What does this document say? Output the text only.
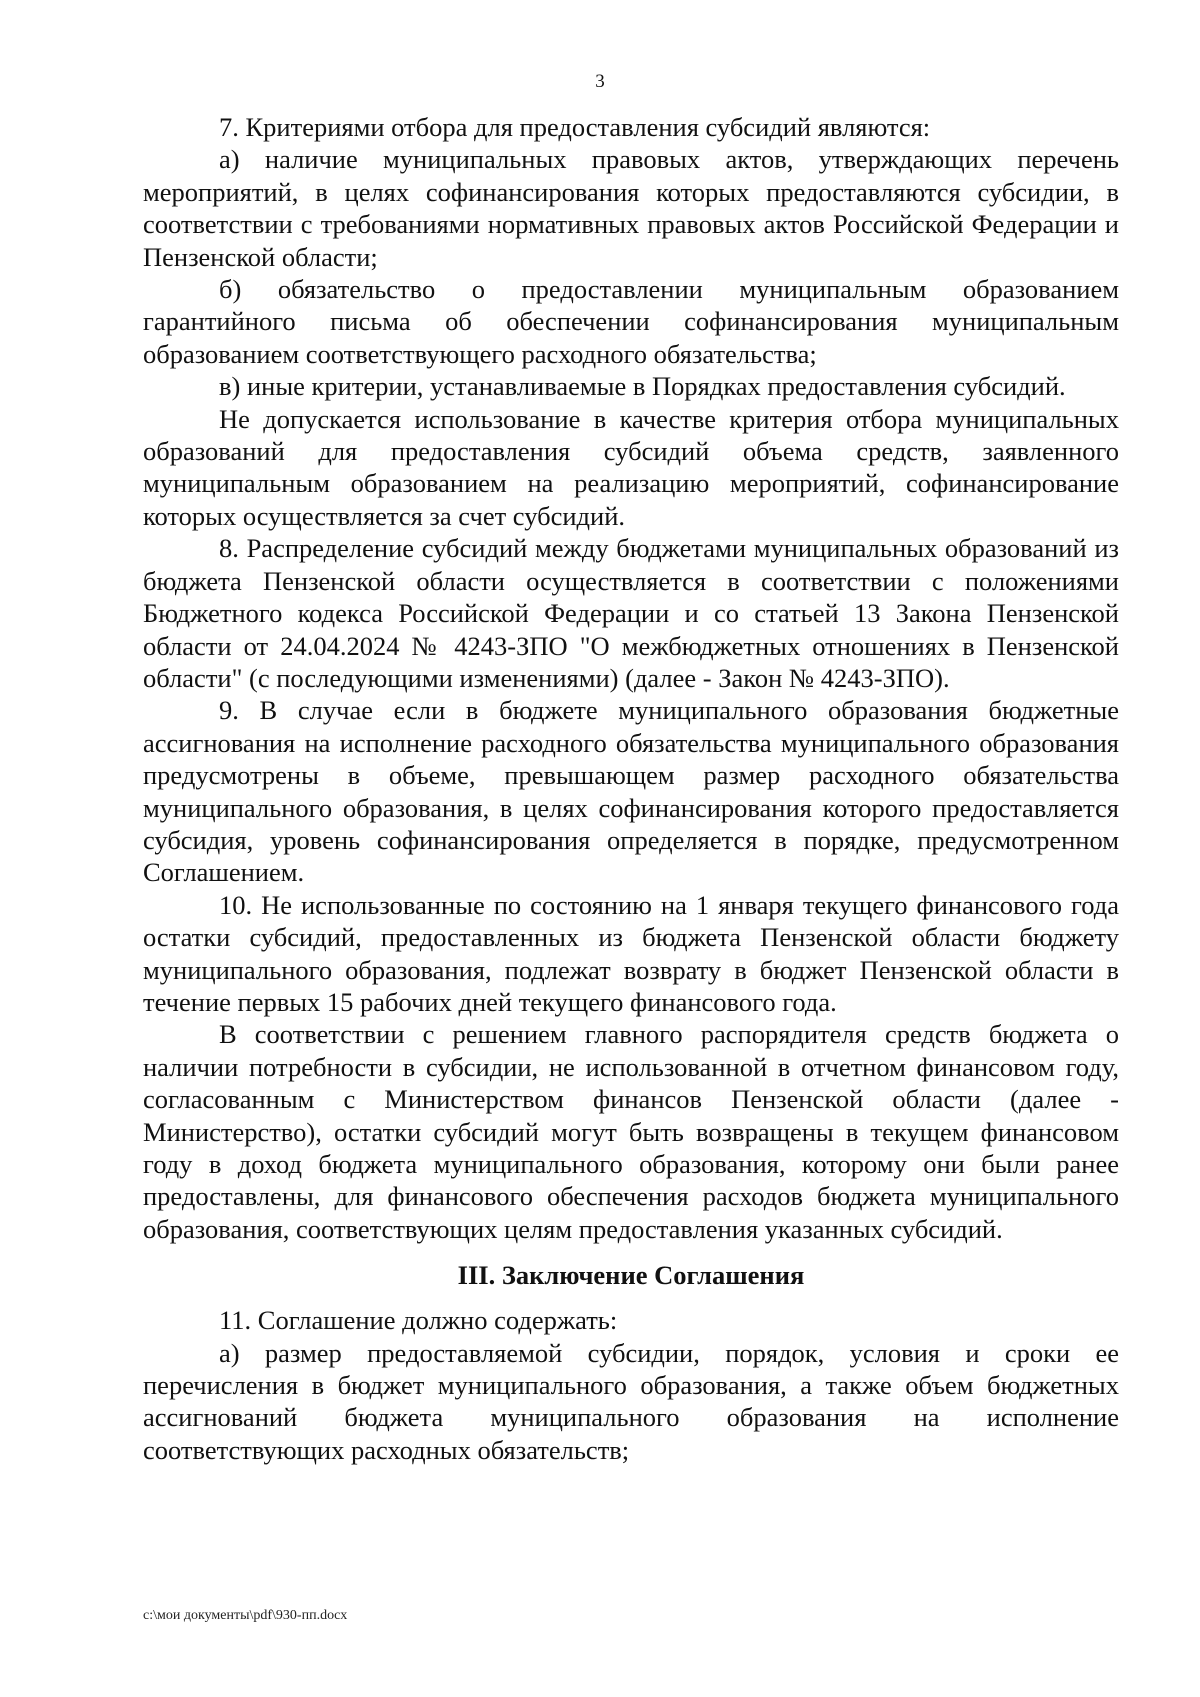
3

7. Критериями отбора для предоставления субсидий являются:

а) наличие муниципальных правовых актов, утверждающих перечень мероприятий, в целях софинансирования которых предоставляются субсидии, в соответствии с требованиями нормативных правовых актов Российской Федерации и Пензенской области;

б) обязательство о предоставлении муниципальным образованием гарантийного письма об обеспечении софинансирования муниципальным образованием соответствующего расходного обязательства;

в) иные критерии, устанавливаемые в Порядках предоставления субсидий.

Не допускается использование в качестве критерия отбора муниципальных образований для предоставления субсидий объема средств, заявленного муниципальным образованием на реализацию мероприятий, софинансирование которых осуществляется за счет субсидий.

8. Распределение субсидий между бюджетами муниципальных образований из бюджета Пензенской области осуществляется в соответствии с положениями Бюджетного кодекса Российской Федерации и со статьей 13 Закона Пензенской области от 24.04.2024 № 4243-ЗПО "О межбюджетных отношениях в Пензенской области" (с последующими изменениями) (далее - Закон № 4243-ЗПО).

9. В случае если в бюджете муниципального образования бюджетные ассигнования на исполнение расходного обязательства муниципального образования предусмотрены в объеме, превышающем размер расходного обязательства муниципального образования, в целях софинансирования которого предоставляется субсидия, уровень софинансирования определяется в порядке, предусмотренном Соглашением.

10. Не использованные по состоянию на 1 января текущего финансового года остатки субсидий, предоставленных из бюджета Пензенской области бюджету муниципального образования, подлежат возврату в бюджет Пензенской области в течение первых 15 рабочих дней текущего финансового года.

В соответствии с решением главного распорядителя средств бюджета о наличии потребности в субсидии, не использованной в отчетном финансовом году, согласованным с Министерством финансов Пензенской области (далее - Министерство), остатки субсидий могут быть возвращены в текущем финансовом году в доход бюджета муниципального образования, которому они были ранее предоставлены, для финансового обеспечения расходов бюджета муниципального образования, соответствующих целям предоставления указанных субсидий.

III. Заключение Соглашения

11. Соглашение должно содержать:

а) размер предоставляемой субсидии, порядок, условия и сроки ее перечисления в бюджет муниципального образования, а также объем бюджетных ассигнований бюджета муниципального образования на исполнение соответствующих расходных обязательств;

c:\мои документы\pdf\930-пп.docx
